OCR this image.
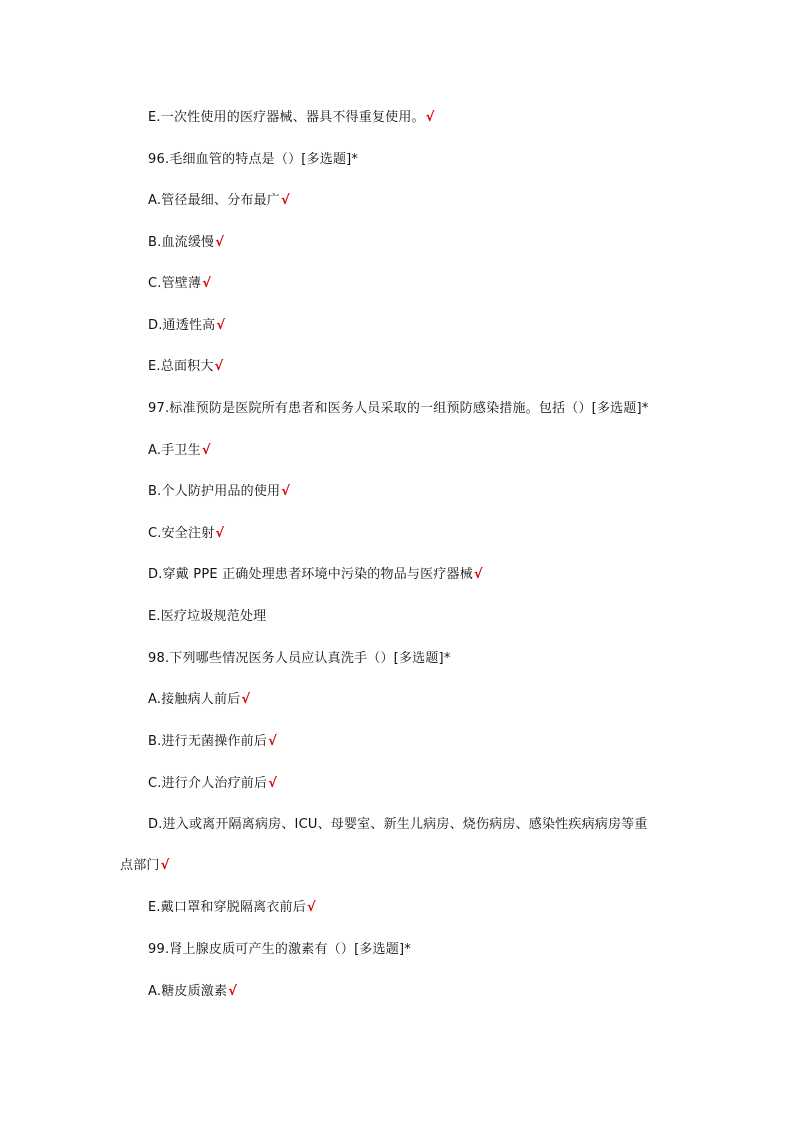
E.一次性使用的医疗器械、器具不得重复使用。√
96.毛细血管的特点是（）[多选题]*
A.管径最细、分布最广√
B.血流缓慢√
C.管壁薄√
D.通透性高√
E.总面积大√
97.标准预防是医院所有患者和医务人员采取的一组预防感染措施。包括（）[多选题]*
A.手卫生√
B.个人防护用品的使用√
C.安全注射√
D.穿戴 PPE 正确处理患者环境中污染的物品与医疗器械√
E.医疗垃圾规范处理
98.下列哪些情况医务人员应认真洗手（）[多选题]*
A.接触病人前后√
B.进行无菌操作前后√
C.进行介人治疗前后√
D.进入或离开隔离病房、ICU、母婴室、新生儿病房、烧伤病房、感染性疾病病房等重
点部门√
E.戴口罩和穿脱隔离衣前后√
99.肾上腺皮质可产生的激素有（）[多选题]*
A.糖皮质激素√
